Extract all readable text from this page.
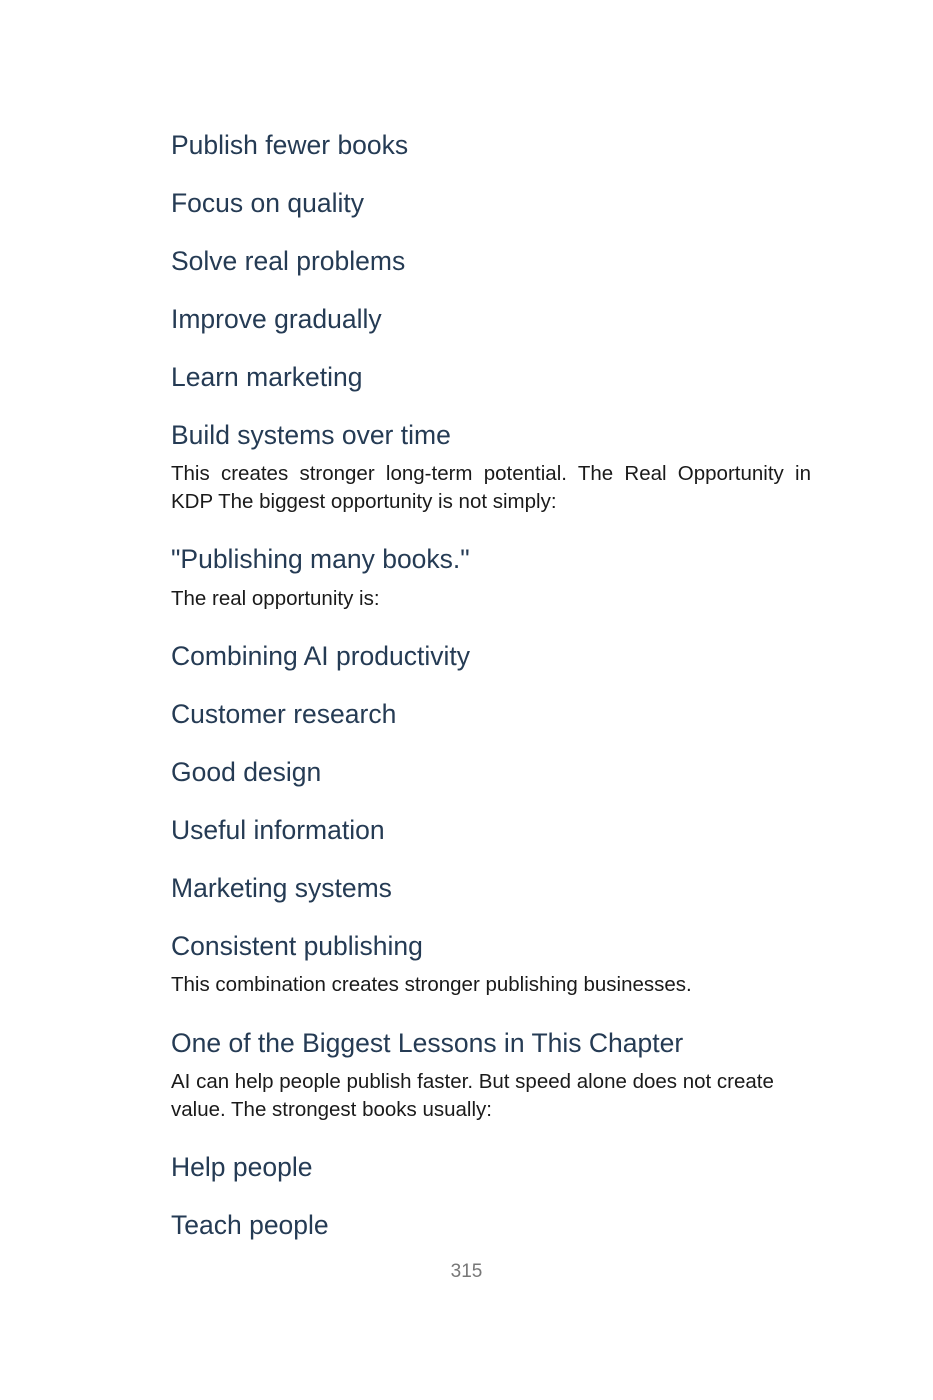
Publish fewer books
Focus on quality
Solve real problems
Improve gradually
Learn marketing
Build systems over time

This creates stronger long-term potential. The Real Opportunity in KDP The biggest opportunity is not simply:

"Publishing many books."

The real opportunity is:

Combining AI productivity
Customer research
Good design
Useful information
Marketing systems
Consistent publishing

This combination creates stronger publishing businesses.

One of the Biggest Lessons in This Chapter

AI can help people publish faster. But speed alone does not create value. The strongest books usually:

Help people
Teach people
315
